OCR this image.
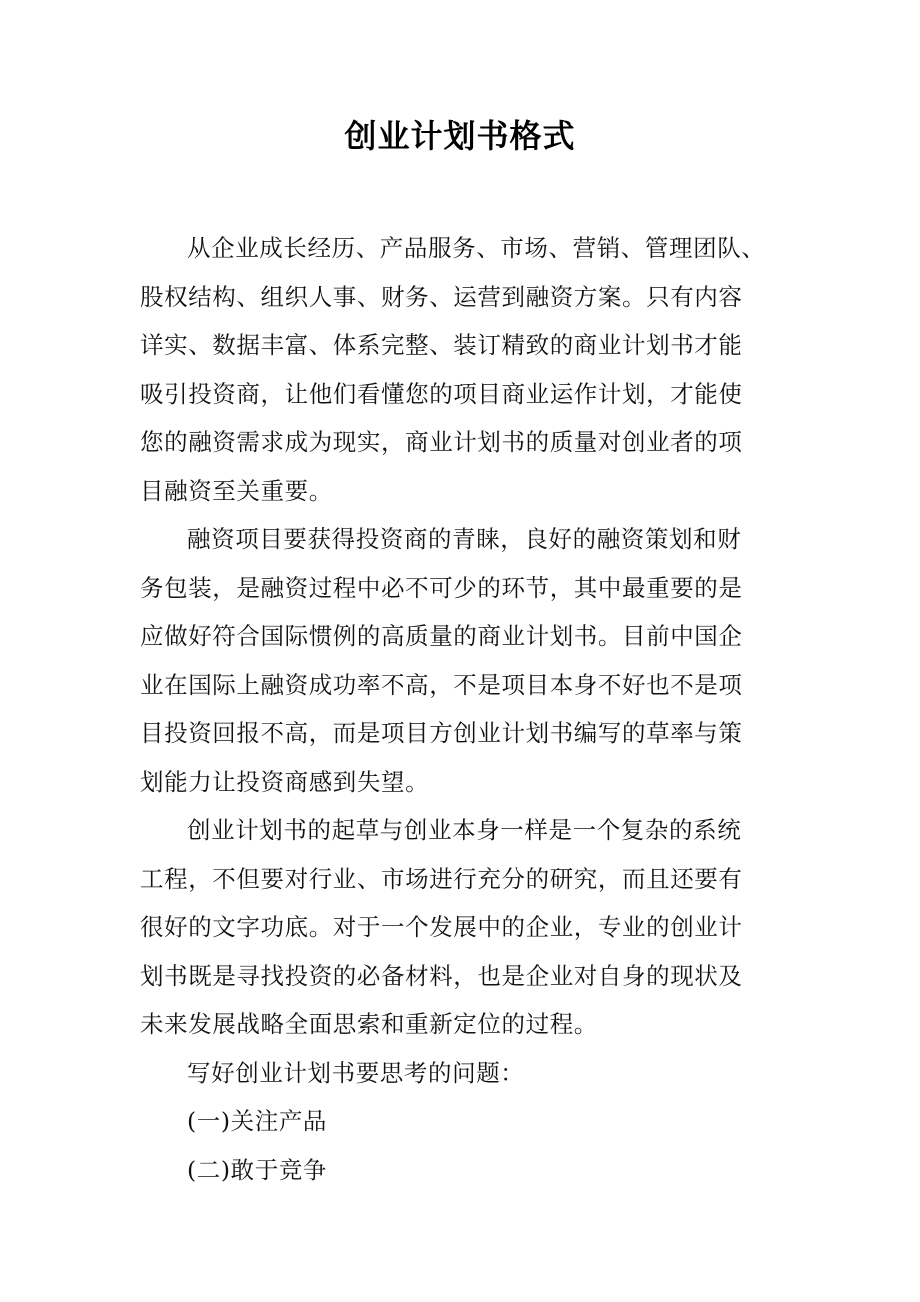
创业计划书格式

从企业成长经历、产品服务、市场、营销、管理团队、
股权结构、组织人事、财务、运营到融资方案。只有内容
详实、数据丰富、体系完整、装订精致的商业计划书才能
吸引投资商，让他们看懂您的项目商业运作计划，才能使
您的融资需求成为现实，商业计划书的质量对创业者的项
目融资至关重要。

融资项目要获得投资商的青睐，良好的融资策划和财
务包装，是融资过程中必不可少的环节，其中最重要的是
应做好符合国际惯例的高质量的商业计划书。目前中国企
业在国际上融资成功率不高，不是项目本身不好也不是项
目投资回报不高，而是项目方创业计划书编写的草率与策
划能力让投资商感到失望。

创业计划书的起草与创业本身一样是一个复杂的系统
工程，不但要对行业、市场进行充分的研究，而且还要有
很好的文字功底。对于一个发展中的企业，专业的创业计
划书既是寻找投资的必备材料，也是企业对自身的现状及
未来发展战略全面思索和重新定位的过程。

写好创业计划书要思考的问题：

(一)关注产品

(二)敢于竞争
